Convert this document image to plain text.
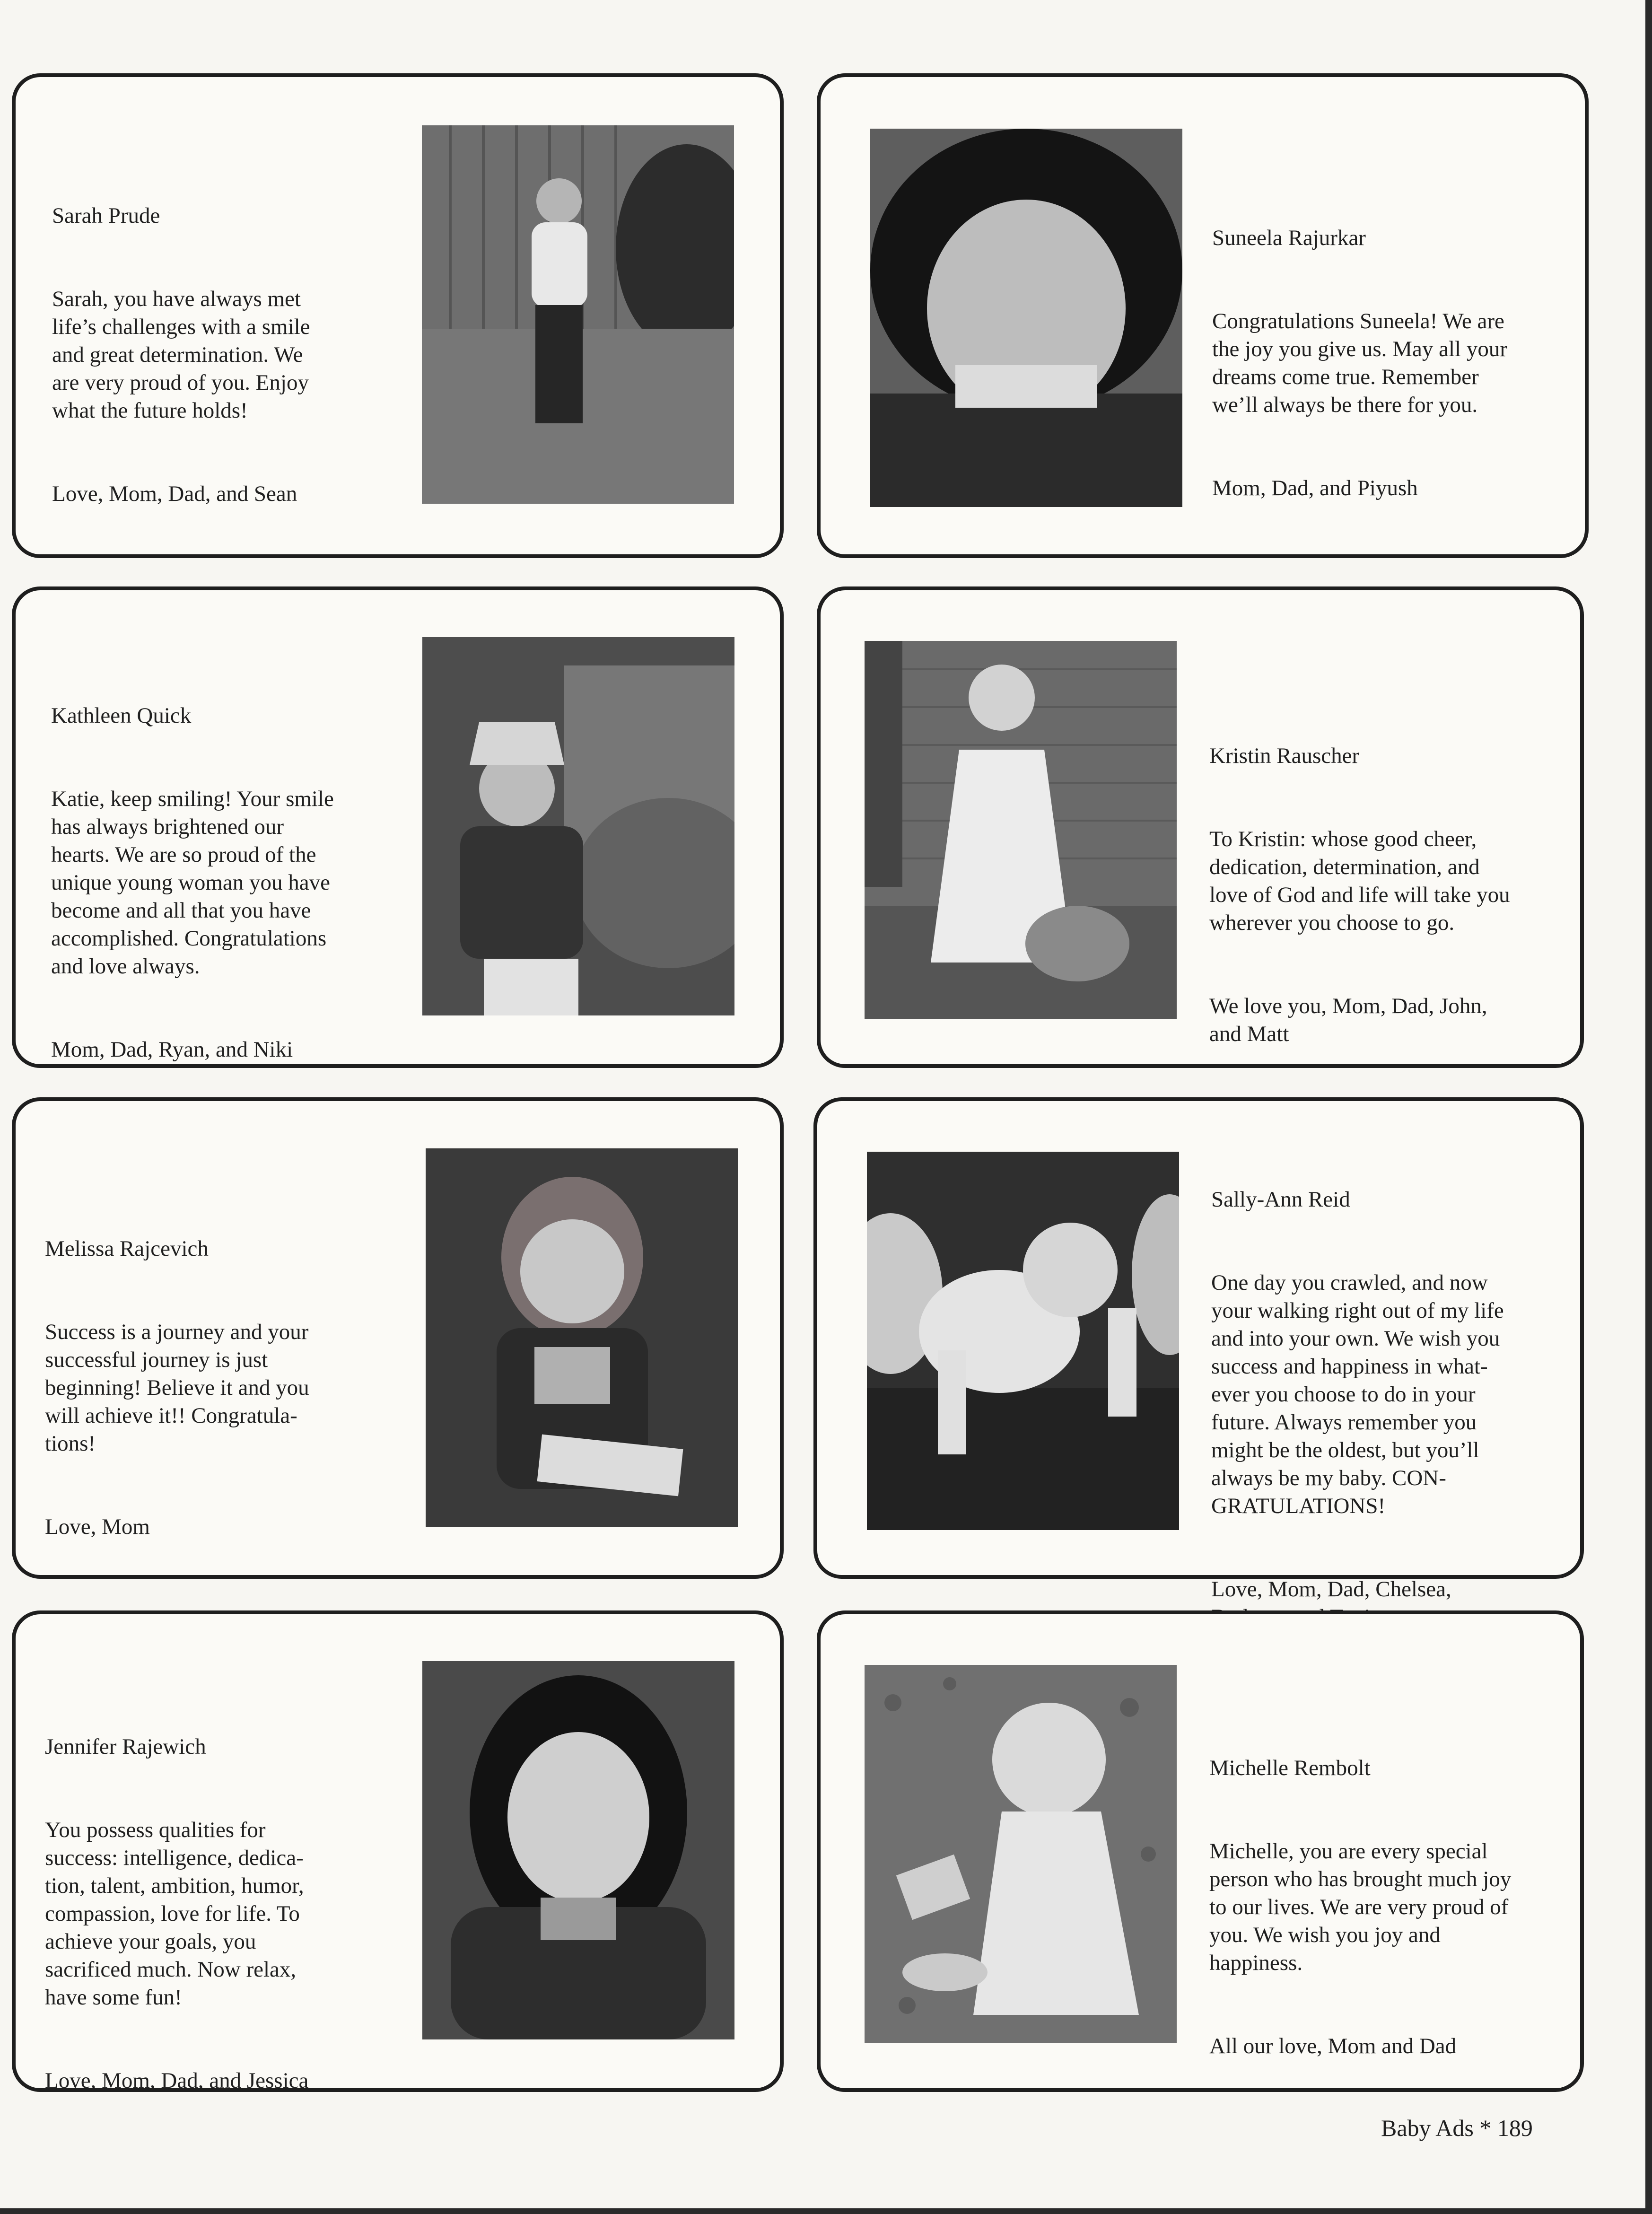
Sarah Prude

Sarah, you have always met
life’s challenges with a smile
and great determination. We
are very proud of you. Enjoy
what the future holds!

Love, Mom, Dad, and Sean

Suneela Rajurkar

Congratulations Suneela! We are
the joy you give us. May all your
dreams come true. Remember
we’ll always be there for you.

Mom, Dad, and Piyush

Kathleen Quick

Katie, keep smiling! Your smile
has always brightened our
hearts. We are so proud of the
unique young woman you have
become and all that you have
accomplished. Congratulations
and love always.

Mom, Dad, Ryan, and Niki

Kristin Rauscher

To Kristin: whose good cheer,
dedication, determination, and
love of God and life will take you
wherever you choose to go.

We love you, Mom, Dad, John,
and Matt

Melissa Rajcevich

Success is a journey and your
successful journey is just
beginning! Believe it and you
will achieve it!! Congratula-
tions!

Love, Mom

Sally-Ann Reid

One day you crawled, and now
your walking right out of my life
and into your own. We wish you
success and happiness in what-
ever you choose to do in your
future. Always remember you
might be the oldest, but you’ll
always be my baby. CON-
GRATULATIONS!

Love, Mom, Dad, Chelsea,

Jennifer Rajewich

You possess qualities for
success: intelligence, dedica-
tion, talent, ambition, humor,
compassion, love for life. To
achieve your goals, you
sacrificed much. Now relax,
have some fun!

Love, Mom, Dad, and Jessica

Michelle Rembolt

Michelle, you are every special
person who has brought much joy
to our lives. We are very proud of
you. We wish you joy and
happiness.

All our love, Mom and Dad

Baby Ads * 189
